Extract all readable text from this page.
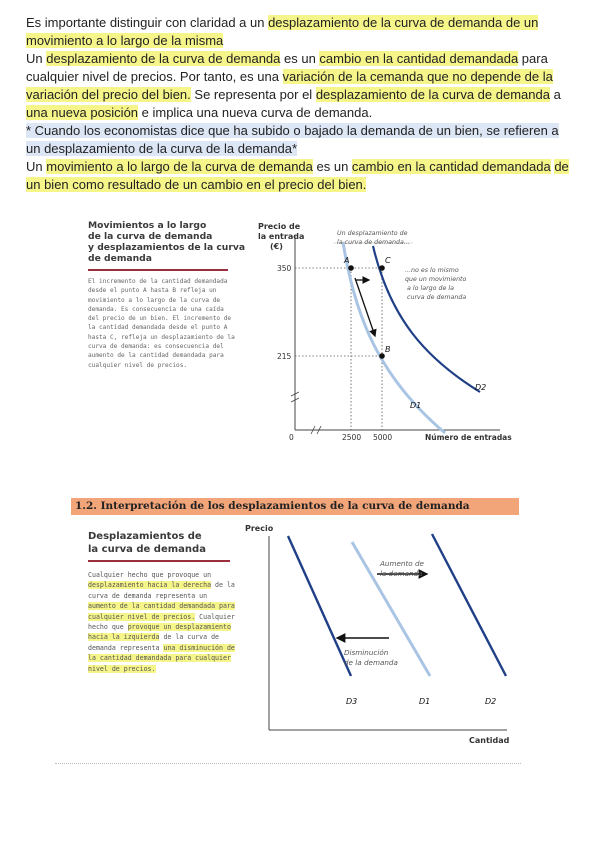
Es importante distinguir con claridad a un desplazamiento de la curva de demanda de un movimiento a lo largo de la misma

Un desplazamiento de la curva de demanda es un cambio en la cantidad demandada para cualquier nivel de precios. Por tanto, es una variación de la cemanda que no depende de la variación del precio del bien. Se representa por el desplazamiento de la curva de demanda a una nueva posición e implica una nueva curva de demanda.

* Cuando los economistas dice que ha subido o bajado la demanda de un bien, se refieren a un desplazamiento de la curva de la demanda*

Un movimiento a lo largo de la curva de demanda es un cambio en la cantidad demandada de un bien como resultado de un cambio en el precio del bien.

Movimientos a lo largo
de la curva de demanda
y desplazamientos de la curva
de demanda
El incremento de la cantidad demandada desde el punto A hasta B refleja un movimiento a lo largo de la curva de demanda. Es consecuencia de una caída del precio de un bien. El incremento de la cantidad demandada desde el punto A hasta C, refleja un desplazamiento de la curva de demanda: es consecuencia del aumento de la cantidad demandada para cualquier nivel de precios.
Precio de
la entrada
(€)
350
215
0	2500 5000	Número de entradas
A	C
B
D1
D2
Un desplazamiento de
la curva de demanda...
...no es lo mismo
que un movimiento
a lo largo de la
curva de demanda
1.2. Interpretación de los desplazamientos de la curva de demanda
Desplazamientos de
la curva de demanda
Cualquier hecho que provoque un desplazamiento hacia la derecha de la curva de demanda representa un aumento de la cantidad demandada para cualquier nivel de precios. Cualquier hecho que provoque un desplazamiento hacia la izquierda de la curva de demanda representa una disminución de la cantidad demandada para cualquier nivel de precios.
Precio
Cantidad
Aumento de
la demanda
Disminución
de la demanda
D3	D1	D2
